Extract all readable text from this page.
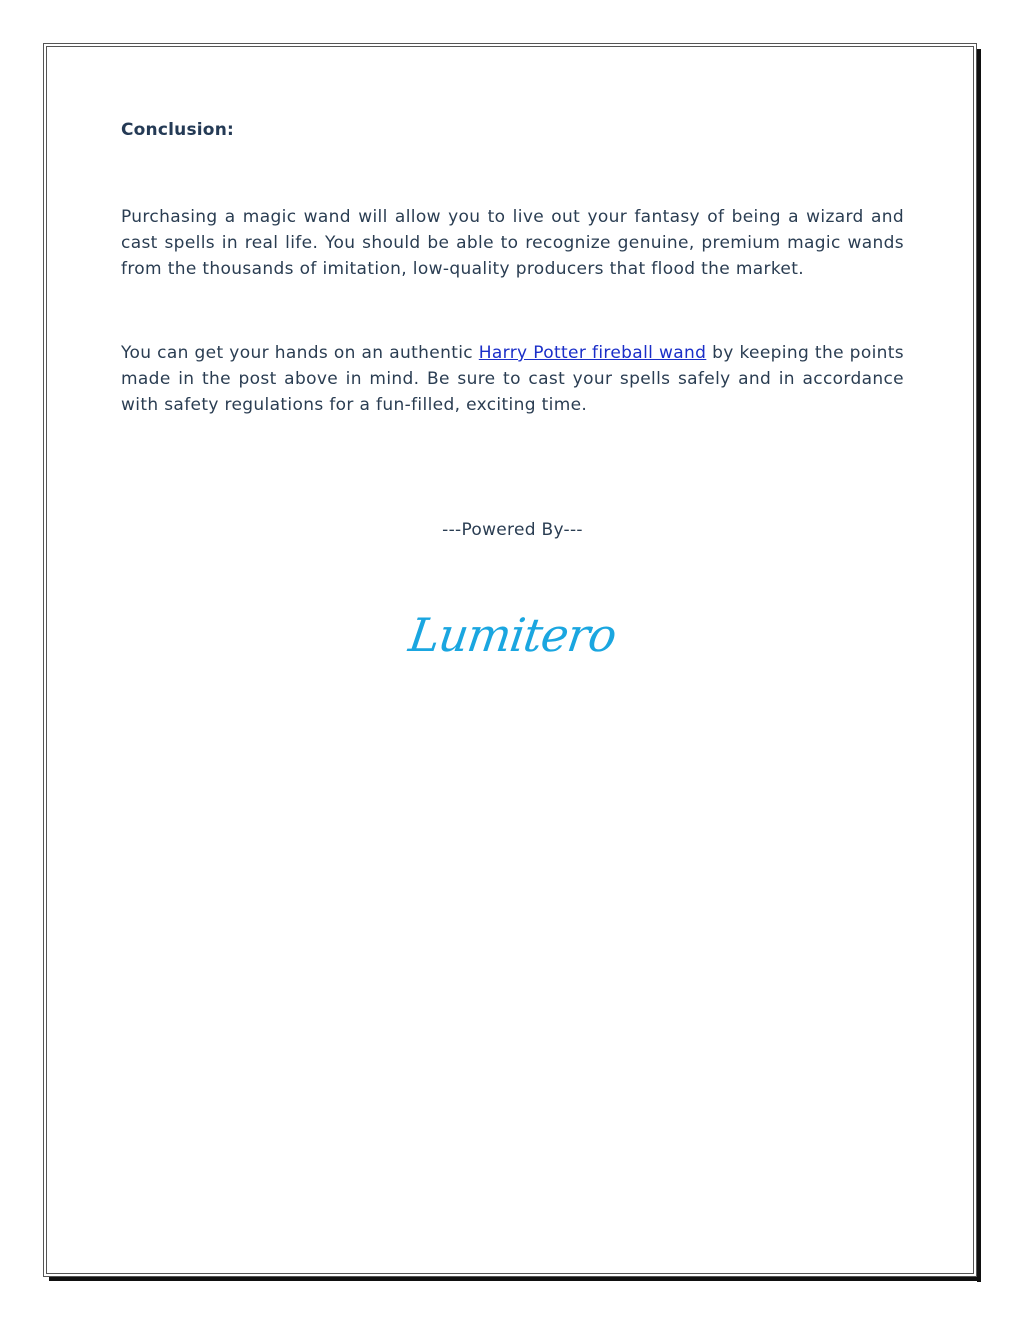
Conclusion:

Purchasing a magic wand will allow you to live out your fantasy of being a wizard and cast spells in real life. You should be able to recognize genuine, premium magic wands from the thousands of imitation, low-quality producers that flood the market.

You can get your hands on an authentic Harry Potter fireball wand by keeping the points made in the post above in mind. Be sure to cast your spells safely and in accordance with safety regulations for a fun-filled, exciting time.

---Powered By---

Lumitero
